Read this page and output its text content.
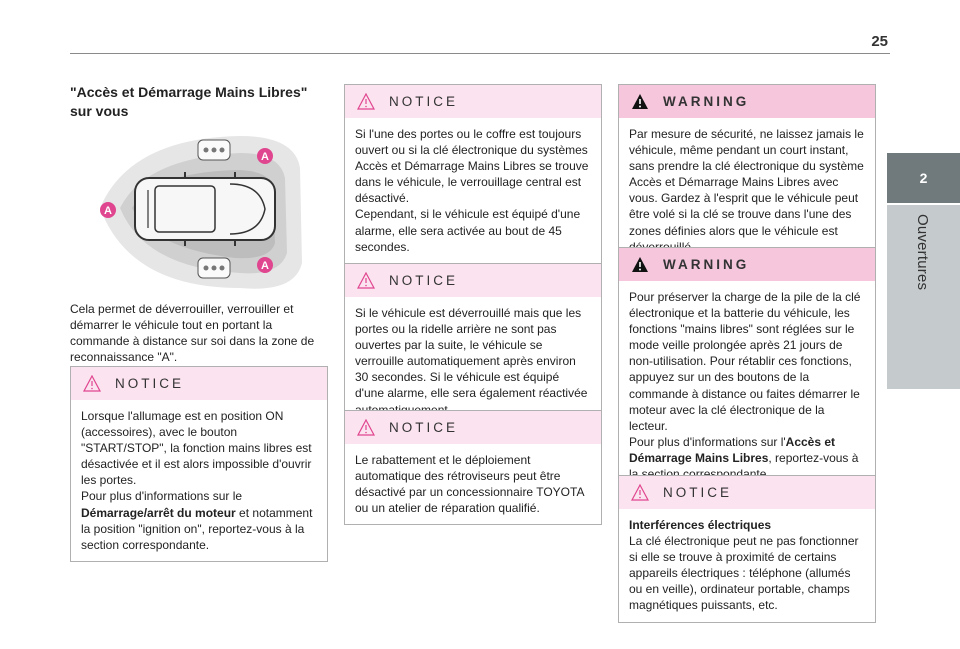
25
2
Ouvertures
"Accès et Démarrage Mains Libres" sur vous
A
A
A
Cela permet de déverrouiller, verrouiller et démarrer le véhicule tout en portant la commande à distance sur soi dans la zone de reconnaissance "A".
NOTICE

Lorsque l'allumage est en position ON (accessoires), avec le bouton "START/STOP", la fonction mains libres est désactivée et il est alors impossible d'ouvrir les portes.

Pour plus d'informations sur le Démarrage/arrêt du moteur et notamment la position "ignition on", reportez-vous à la section correspondante.

NOTICE

Si l'une des portes ou le coffre est toujours ouvert ou si la clé électronique du systèmes Accès et Démarrage Mains Libres se trouve dans le véhicule, le verrouillage central est désactivé.

Cependant, si le véhicule est équipé d'une alarme, elle sera activée au bout de 45 secondes.

NOTICE

Si le véhicule est déverrouillé mais que les portes ou la ridelle arrière ne sont pas ouvertes par la suite, le véhicule se verrouille automatiquement après environ 30 secondes. Si le véhicule est équipé d'une alarme, elle sera également réactivée

NOTICE

Le rabattement et le déploiement automatique des rétroviseurs peut être désactivé par un concessionnaire TOYOTA ou un atelier de réparation qualifié.

WARNING

Par mesure de sécurité, ne laissez jamais le véhicule, même pendant un court instant, sans prendre la clé électronique du système Accès et Démarrage Mains Libres avec vous. Gardez à l'esprit que le véhicule peut être volé si la clé se trouve dans l'une des zones définies alors que le véhicule est

WARNING

Pour préserver la charge de la pile de la clé électronique et la batterie du véhicule, les fonctions "mains libres" sont réglées sur le mode veille prolongée après 21 jours de non-utilisation. Pour rétablir ces fonctions, appuyez sur un des boutons de la commande à distance ou faites démarrer le moteur avec la clé électronique de la lecteur.

Pour plus d'informations sur l'Accès et Démarrage Mains Libres, reportez-vous à

NOTICE

Interférences électriques

La clé électronique peut ne pas fonctionner si elle se trouve à proximité de certains appareils électriques : téléphone (allumés ou en veille), ordinateur portable, champs magnétiques puissants, etc.
